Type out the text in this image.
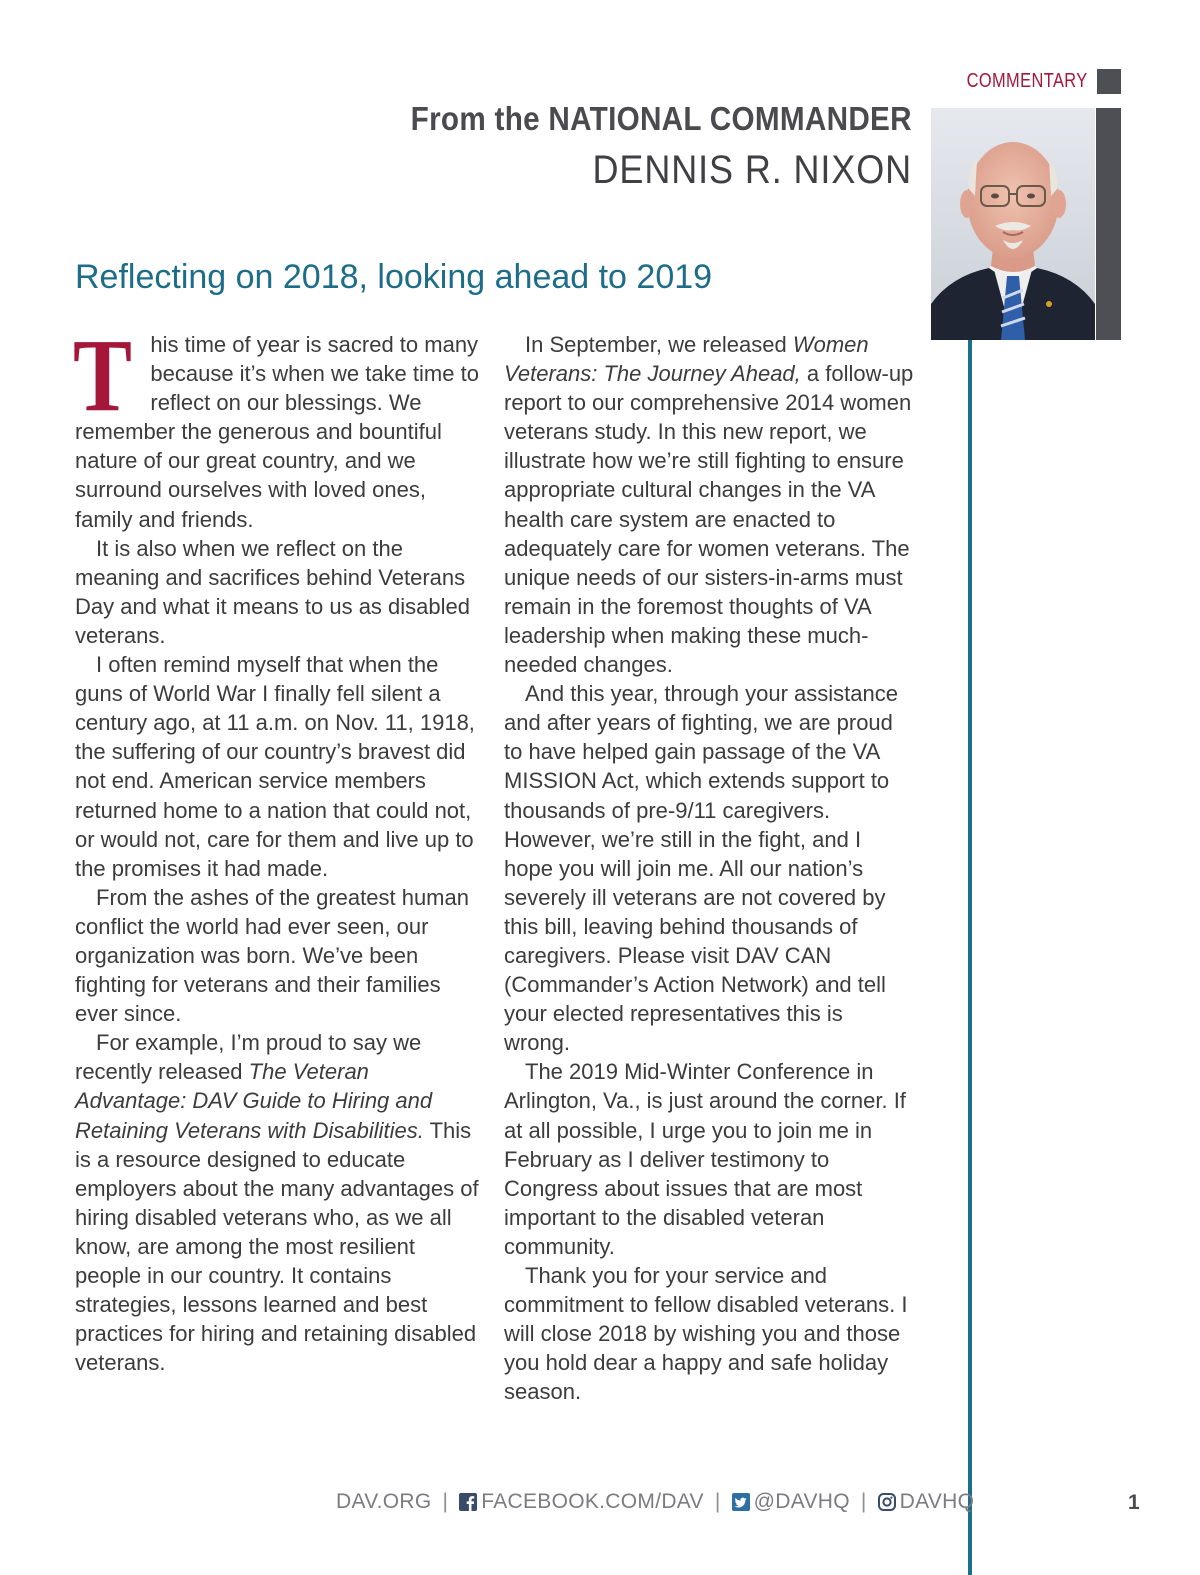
COMMENTARY
From the NATIONAL COMMANDER
DENNIS R. NIXON
Reflecting on 2018, looking ahead to 2019

This time of year is sacred to many because it’s when we take time to reflect on our blessings. We remember the generous and bountiful nature of our great country, and we surround ourselves with loved ones, family and friends.

It is also when we reflect on the meaning and sacrifices behind Veterans Day and what it means to us as disabled veterans.

I often remind myself that when the guns of World War I finally fell silent a century ago, at 11 a.m. on Nov. 11, 1918, the suffering of our country’s bravest did not end. American service members returned home to a nation that could not, or would not, care for them and live up to the promises it had made.

From the ashes of the greatest human conflict the world had ever seen, our organization was born. We’ve been fighting for veterans and their families ever since.

For example, I’m proud to say we recently released The Veteran Advantage: DAV Guide to Hiring and Retaining Veterans with Disabilities. This is a resource designed to educate employers about the many advantages of hiring disabled veterans who, as we all know, are among the most resilient people in our country. It contains strategies, lessons learned and best practices for hiring and retaining disabled veterans.

In September, we released Women Veterans: The Journey Ahead, a follow-up report to our comprehensive 2014 women veterans study. In this new report, we illustrate how we’re still fighting to ensure appropriate cultural changes in the VA health care system are enacted to adequately care for women veterans. The unique needs of our sisters-in-arms must remain in the foremost thoughts of VA leadership when making these much-needed changes.

And this year, through your assistance and after years of fighting, we are proud to have helped gain passage of the VA MISSION Act, which extends support to thousands of pre-9/11 caregivers. However, we’re still in the fight, and I hope you will join me. All our nation’s severely ill veterans are not covered by this bill, leaving behind thousands of caregivers. Please visit DAV CAN (Commander’s Action Network) and tell your elected representatives this is wrong.

The 2019 Mid-Winter Conference in Arlington, Va., is just around the corner. If at all possible, I urge you to join me in February as I deliver testimony to Congress about issues that are most important to the disabled veteran community.

Thank you for your service and commitment to fellow disabled veterans. I will close 2018 by wishing you and those you hold dear a happy and safe holiday season.

DAV.ORG | FACEBOOK.COM/DAV | @DAVHQ | DAVHQ	1
